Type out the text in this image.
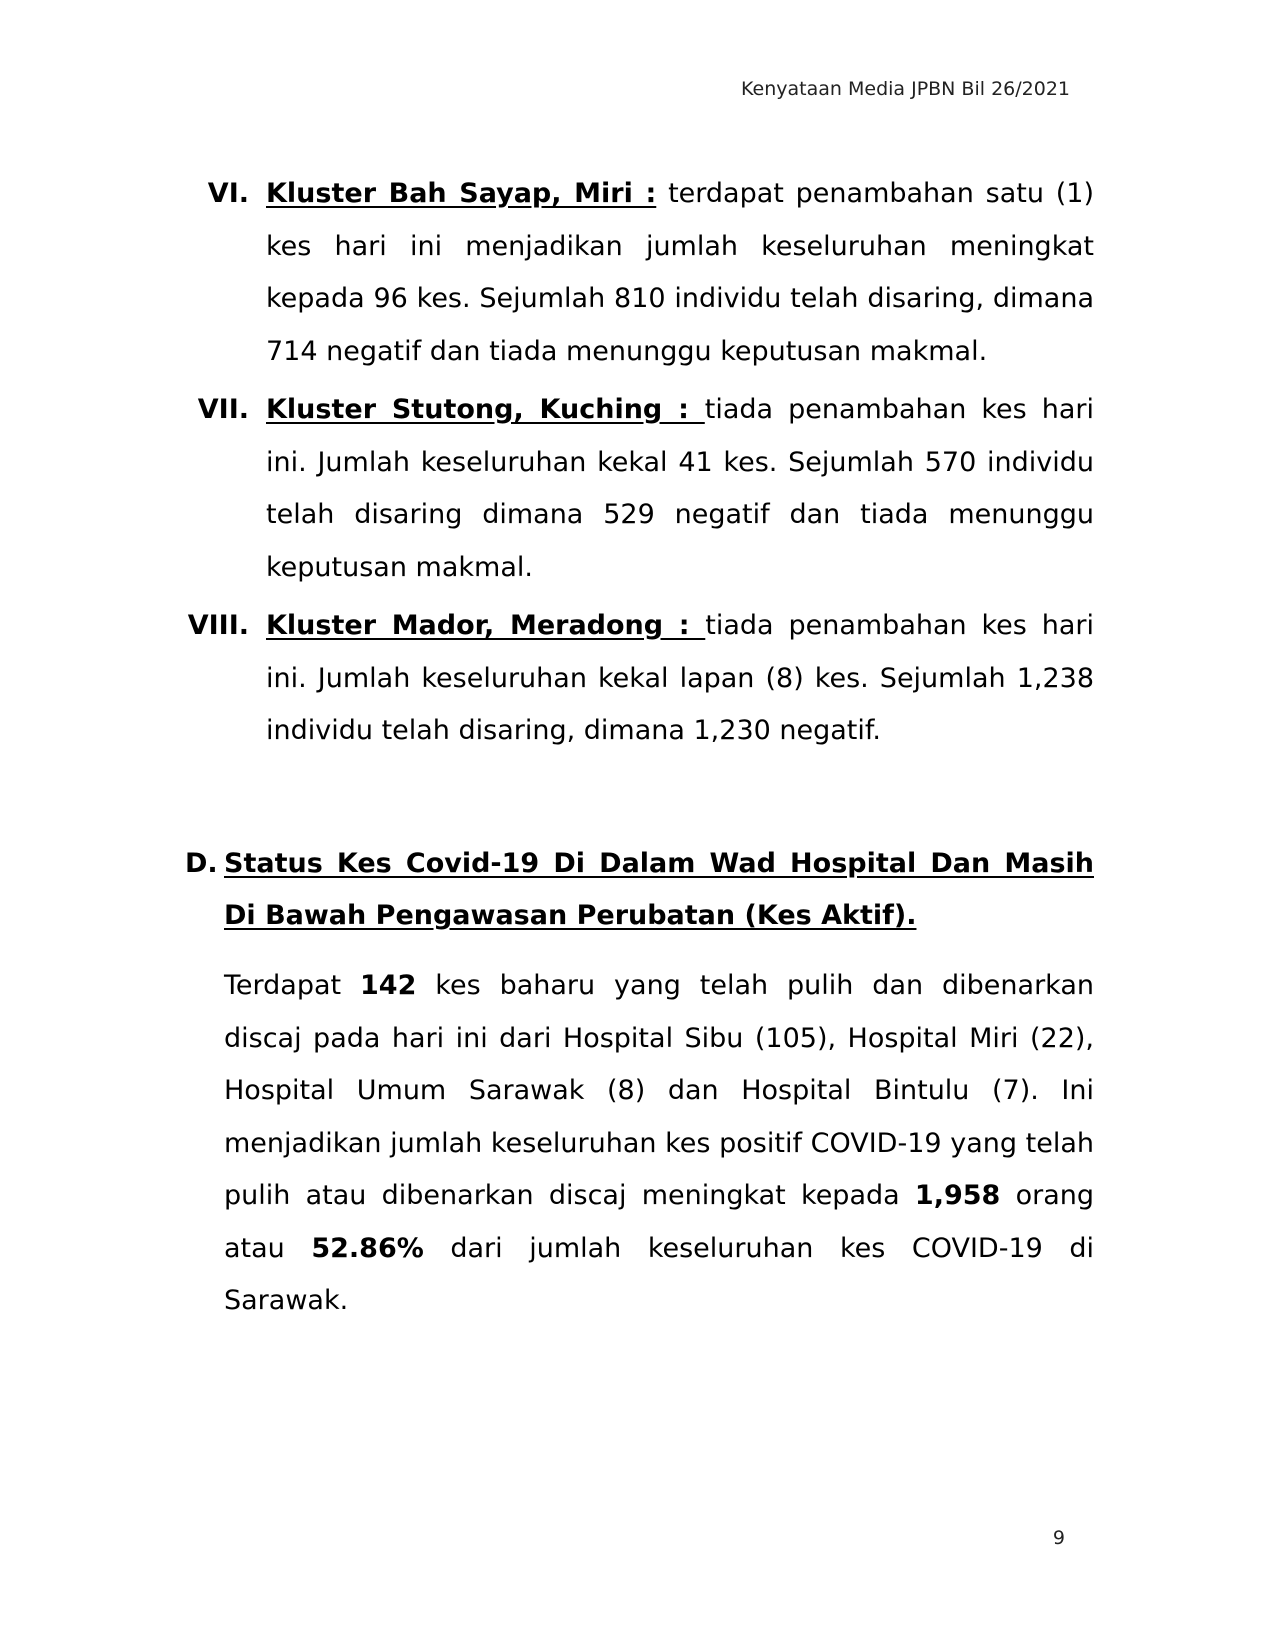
Kenyataan Media JPBN Bil 26/2021
VI. Kluster Bah Sayap, Miri : terdapat penambahan satu (1) kes hari ini menjadikan jumlah keseluruhan meningkat kepada 96 kes. Sejumlah 810 individu telah disaring, dimana 714 negatif dan tiada menunggu keputusan makmal.
VII. Kluster Stutong, Kuching : tiada penambahan kes hari ini. Jumlah keseluruhan kekal 41 kes. Sejumlah 570 individu telah disaring dimana 529 negatif dan tiada menunggu keputusan makmal.
VIII. Kluster Mador, Meradong : tiada penambahan kes hari ini. Jumlah keseluruhan kekal lapan (8) kes. Sejumlah 1,238 individu telah disaring, dimana 1,230 negatif.
D. Status Kes Covid-19 Di Dalam Wad Hospital Dan Masih Di Bawah Pengawasan Perubatan (Kes Aktif).
Terdapat 142 kes baharu yang telah pulih dan dibenarkan discaj pada hari ini dari Hospital Sibu (105), Hospital Miri (22), Hospital Umum Sarawak (8) dan Hospital Bintulu (7). Ini menjadikan jumlah keseluruhan kes positif COVID-19 yang telah pulih atau dibenarkan discaj meningkat kepada 1,958 orang atau 52.86% dari jumlah keseluruhan kes COVID-19 di Sarawak.
9
